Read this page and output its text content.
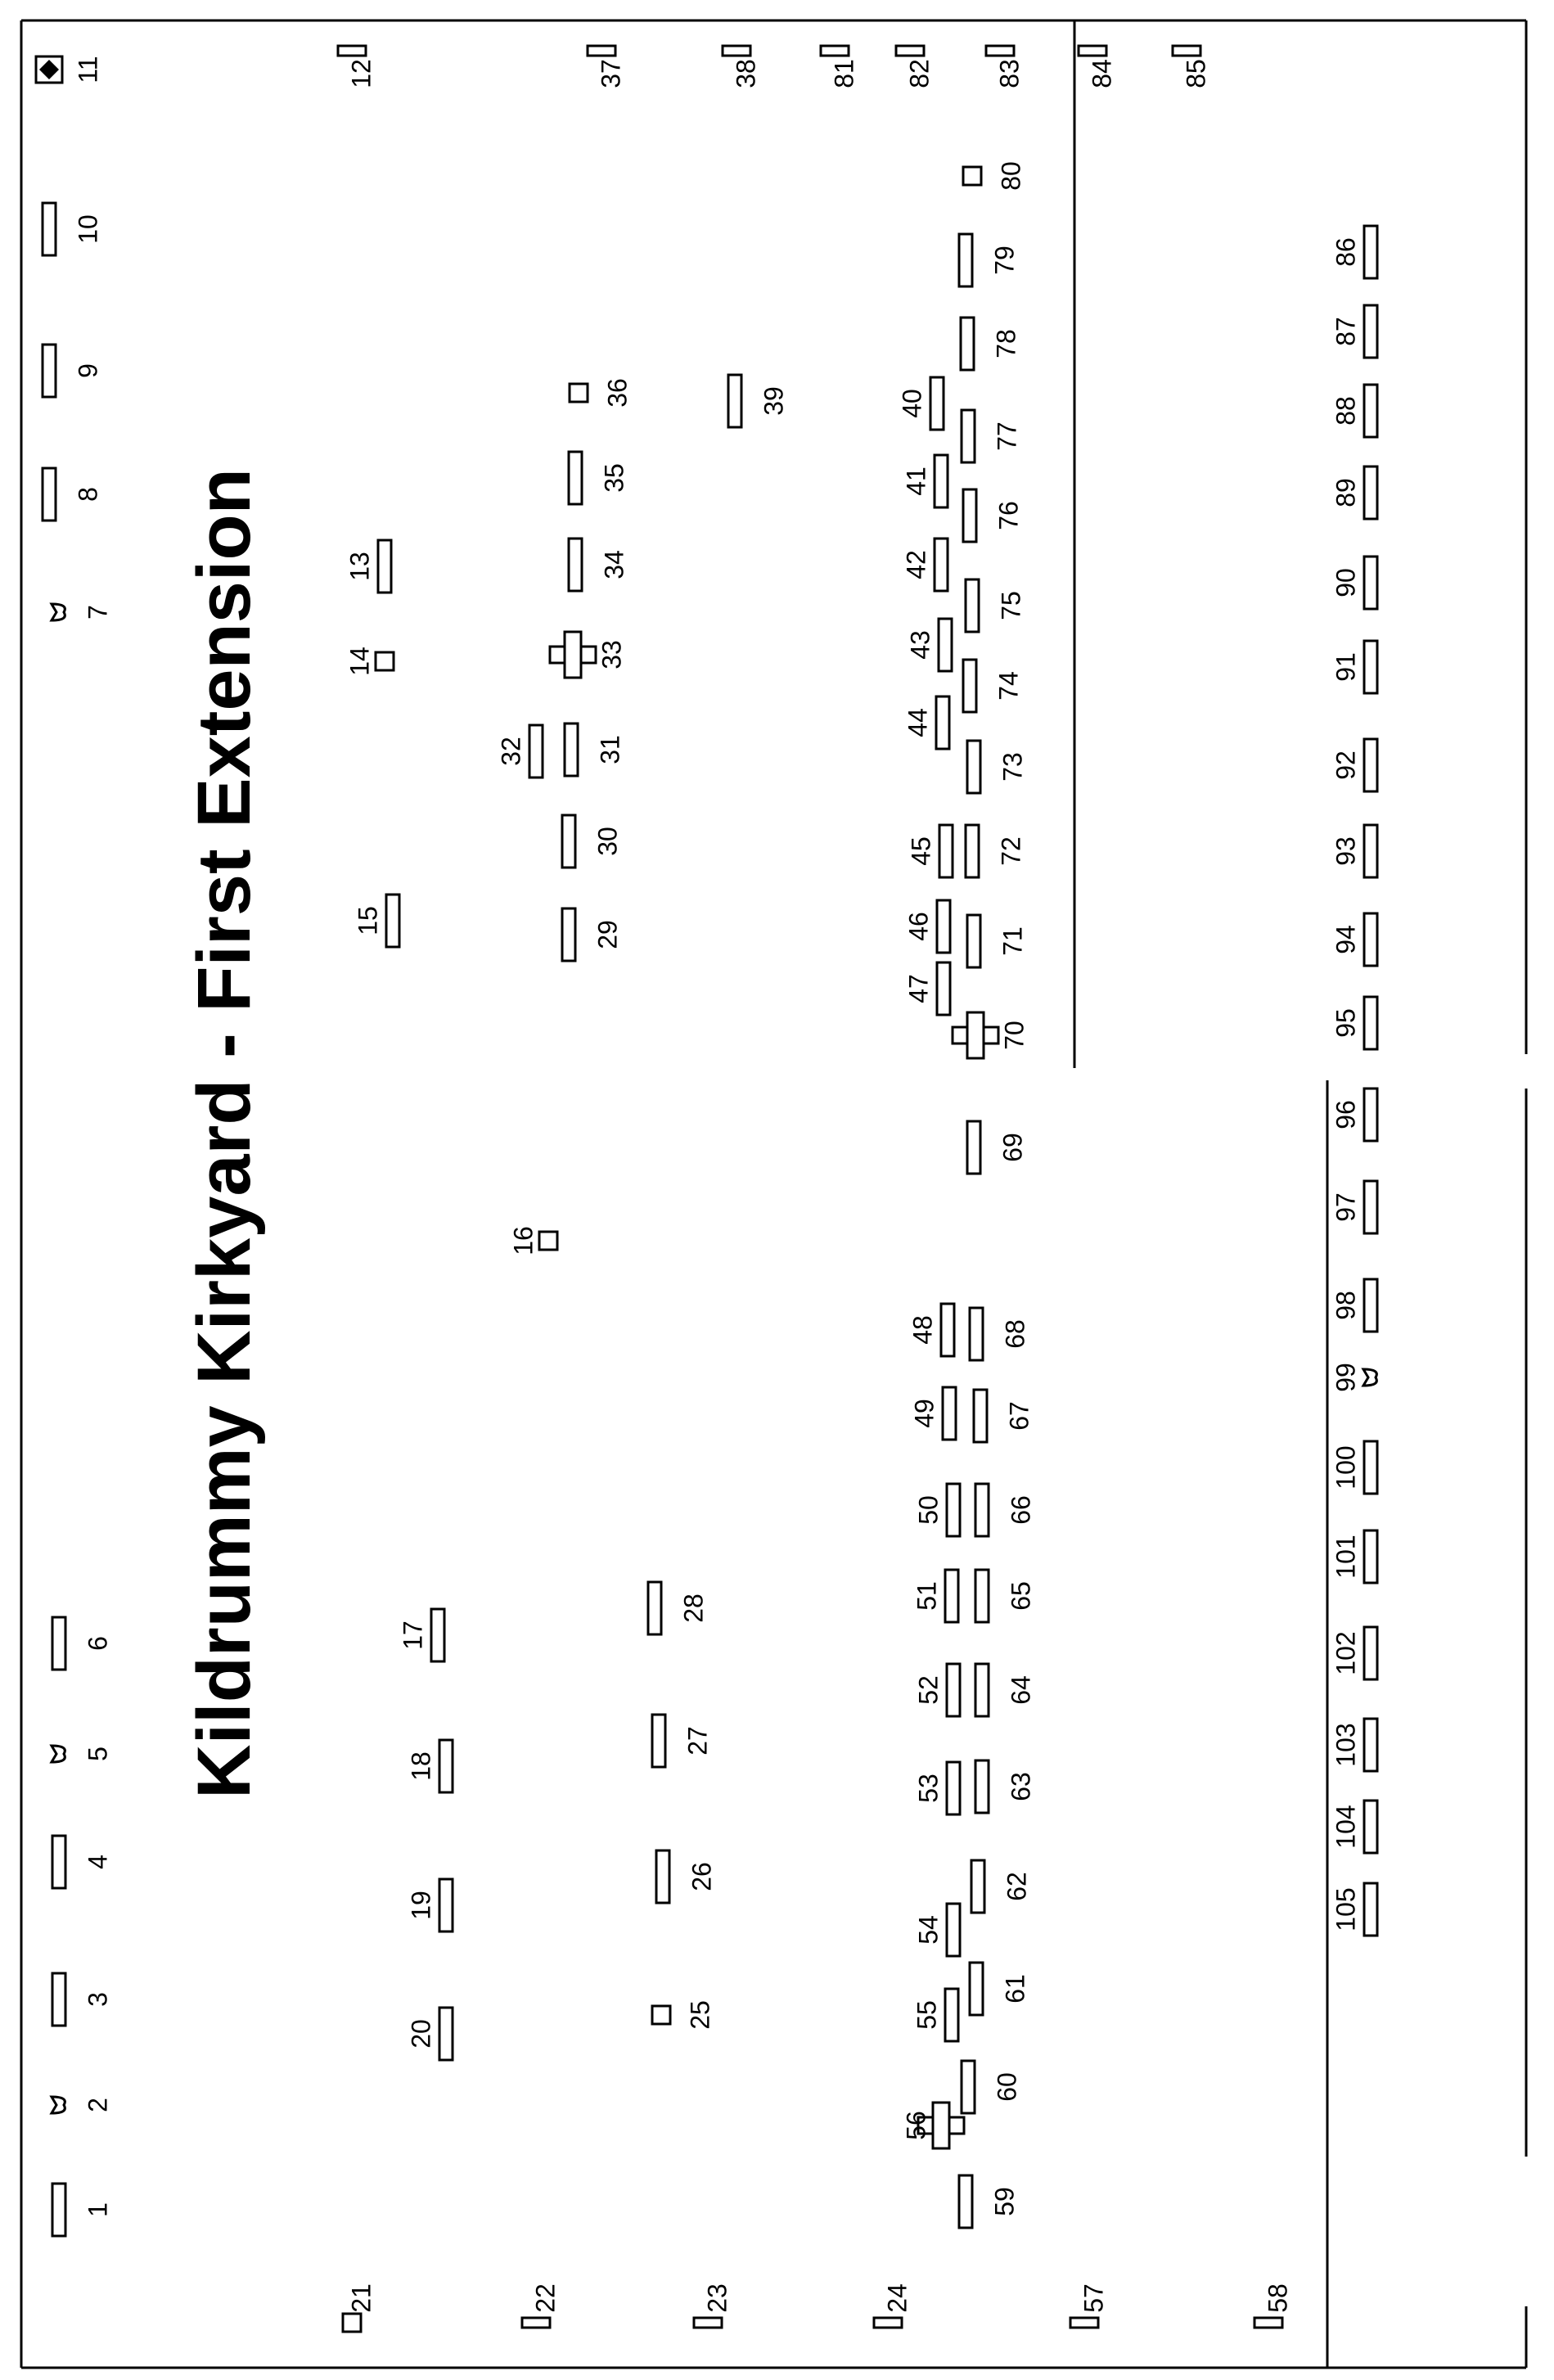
Kildrummy Kirkyard - First Extension
1
2
3
4
5
6
7
8
9
10
11	12
13
14
15
16
17
18
19
20
21	22	23	24
25
26
27
28
29
30
31
32
33
34
35
36
37	38
39	40
41
42
43
44
45
46
47
48
49
50
51
52
53
54
55
56
57	58
59
60
61
62
63
64
65
66
67
68
69
70
71
72
73
74
75
76
77
78
79
80
81 82 83 84 85
86
87
88
89
90
91
92
93
94
95
96
97
98
99
100
101
102
103
104
105
